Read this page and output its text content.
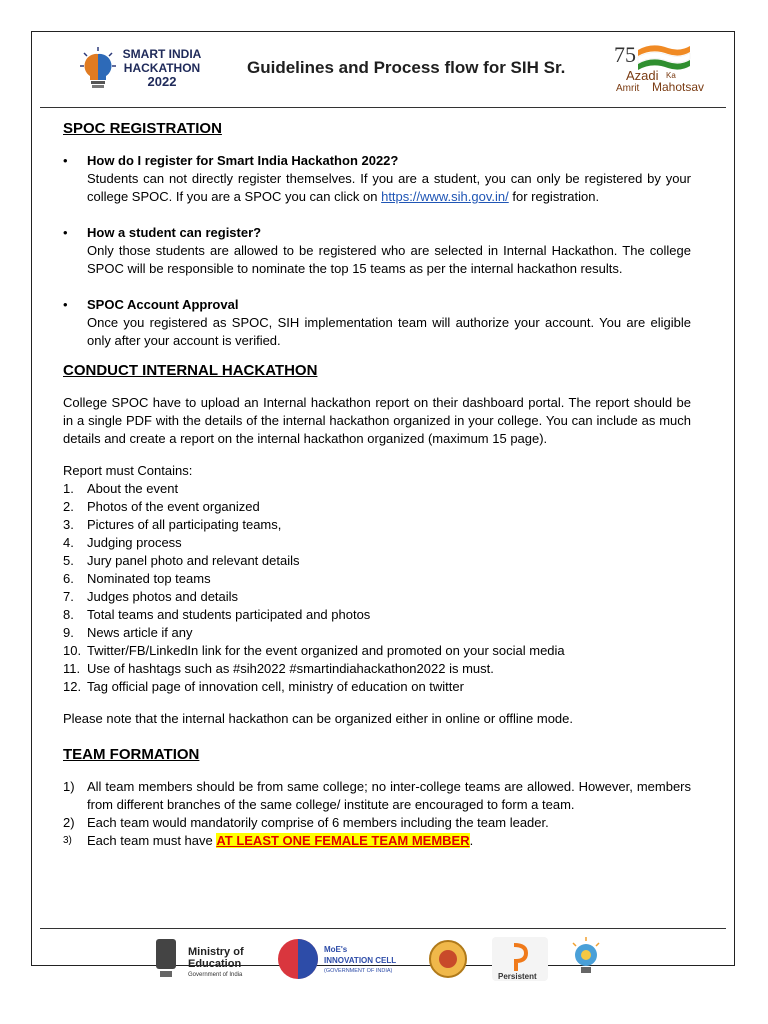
SMART INDIA
HACKATHON
2022
Guidelines and Process flow for SIH Sr.
75
Azadi Ka
Amrit Mahotsav
SPOC REGISTRATION
• How do I register for Smart India Hackathon 2022?
Students can not directly register themselves. If you are a student, you can only be registered by your college SPOC. If you are a SPOC you can click on https://www.sih.gov.in/ for registration.
• How a student can register?
Only those students are allowed to be registered who are selected in Internal Hackathon. The college SPOC will be responsible to nominate the top 15 teams as per the internal hackathon results.
• SPOC Account Approval
Once you registered as SPOC, SIH implementation team will authorize your account. You are eligible only after your account is verified.
CONDUCT INTERNAL HACKATHON

College SPOC have to upload an Internal hackathon report on their dashboard portal. The report should be in a single PDF with the details of the internal hackathon organized in your college. You can include as much details and create a report on the internal hackathon organized (maximum 15 page).

Report must Contains:

1. About the event
2. Photos of the event organized
3. Pictures of all participating teams,
4. Judging process
5. Jury panel photo and relevant details
6. Nominated top teams
7. Judges photos and details
8. Total teams and students participated and photos
9. News article if any
10. Twitter/FB/LinkedIn link for the event organized and promoted on your social media
11. Use of hashtags such as #sih2022 #smartindiahackathon2022 is must.
12. Tag official page of innovation cell, ministry of education on twitter

Please note that the internal hackathon can be organized either in online or offline mode.

TEAM FORMATION
1) All team members should be from same college; no inter-college teams are allowed. However, members from different branches of the same college/ institute are encouraged to form a team.
2) Each team would mandatorily comprise of 6 members including the team leader.
3) Each team must have AT LEAST ONE FEMALE TEAM MEMBER.
Ministry of
Education
Government of India
MoE's
INNOVATION CELL
(GOVERNMENT OF INDIA)
Persistent
